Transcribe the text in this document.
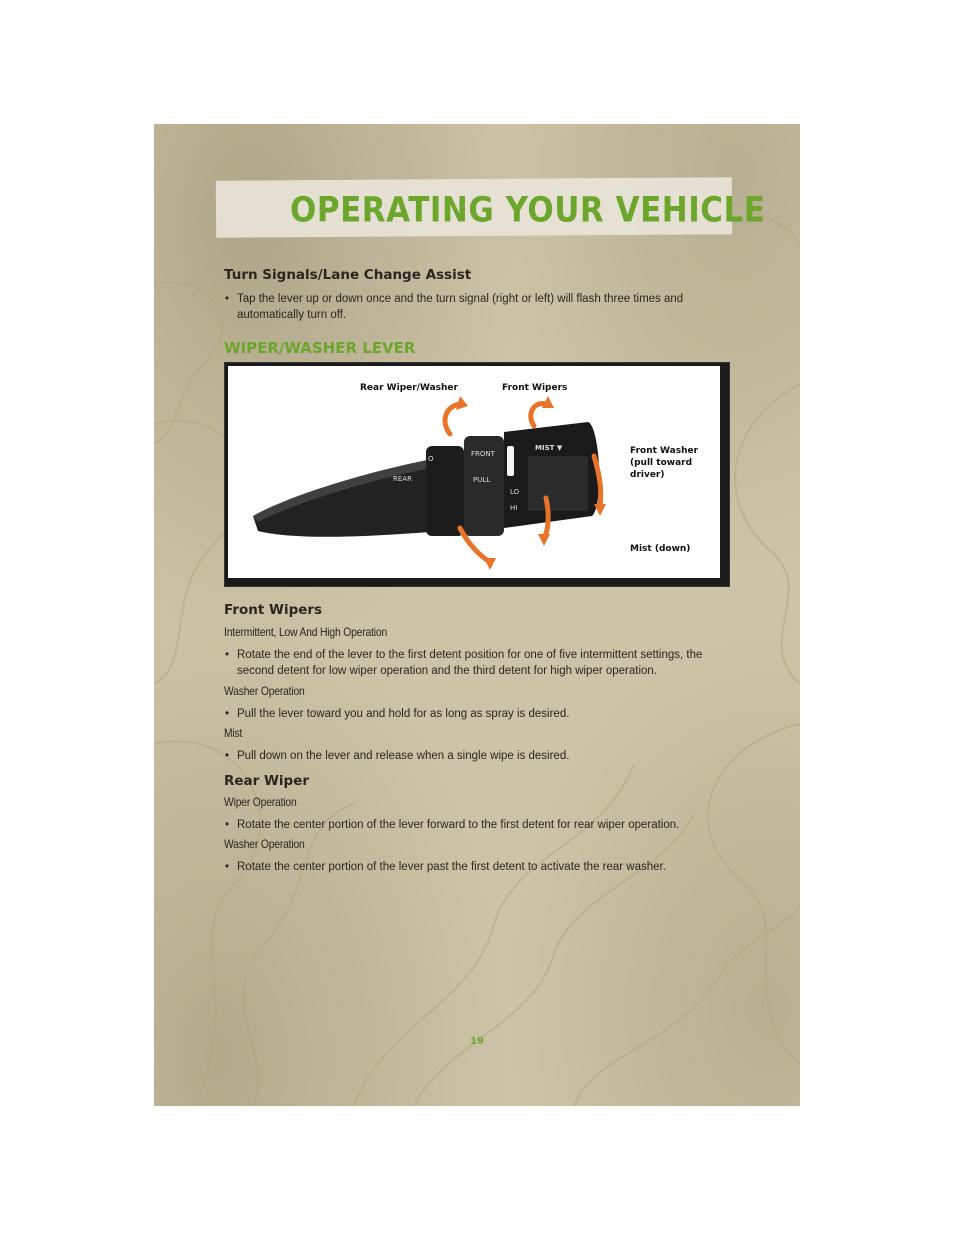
OPERATING YOUR VEHICLE
Turn Signals/Lane Change Assist

• Tap the lever up or down once and the turn signal (right or left) will flash three times and automatically turn off.

WIPER/WASHER LEVER
REAR
FRONT
PULL
MIST ▼
LO
HI
O
Rear Wiper/Washer	Front Wipers
Front Washer (pull toward driver)
Mist (down)
Front Wipers
Intermittent, Low And High Operation

• Rotate the end of the lever to the first detent position for one of five intermittent settings, the second detent for low wiper operation and the third detent for high wiper operation.

Washer Operation

• Pull the lever toward you and hold for as long as spray is desired.

Mist

• Pull down on the lever and release when a single wipe is desired.

Rear Wiper
Wiper Operation

• Rotate the center portion of the lever forward to the first detent for rear wiper operation.

Washer Operation

• Rotate the center portion of the lever past the first detent to activate the rear washer.

19
